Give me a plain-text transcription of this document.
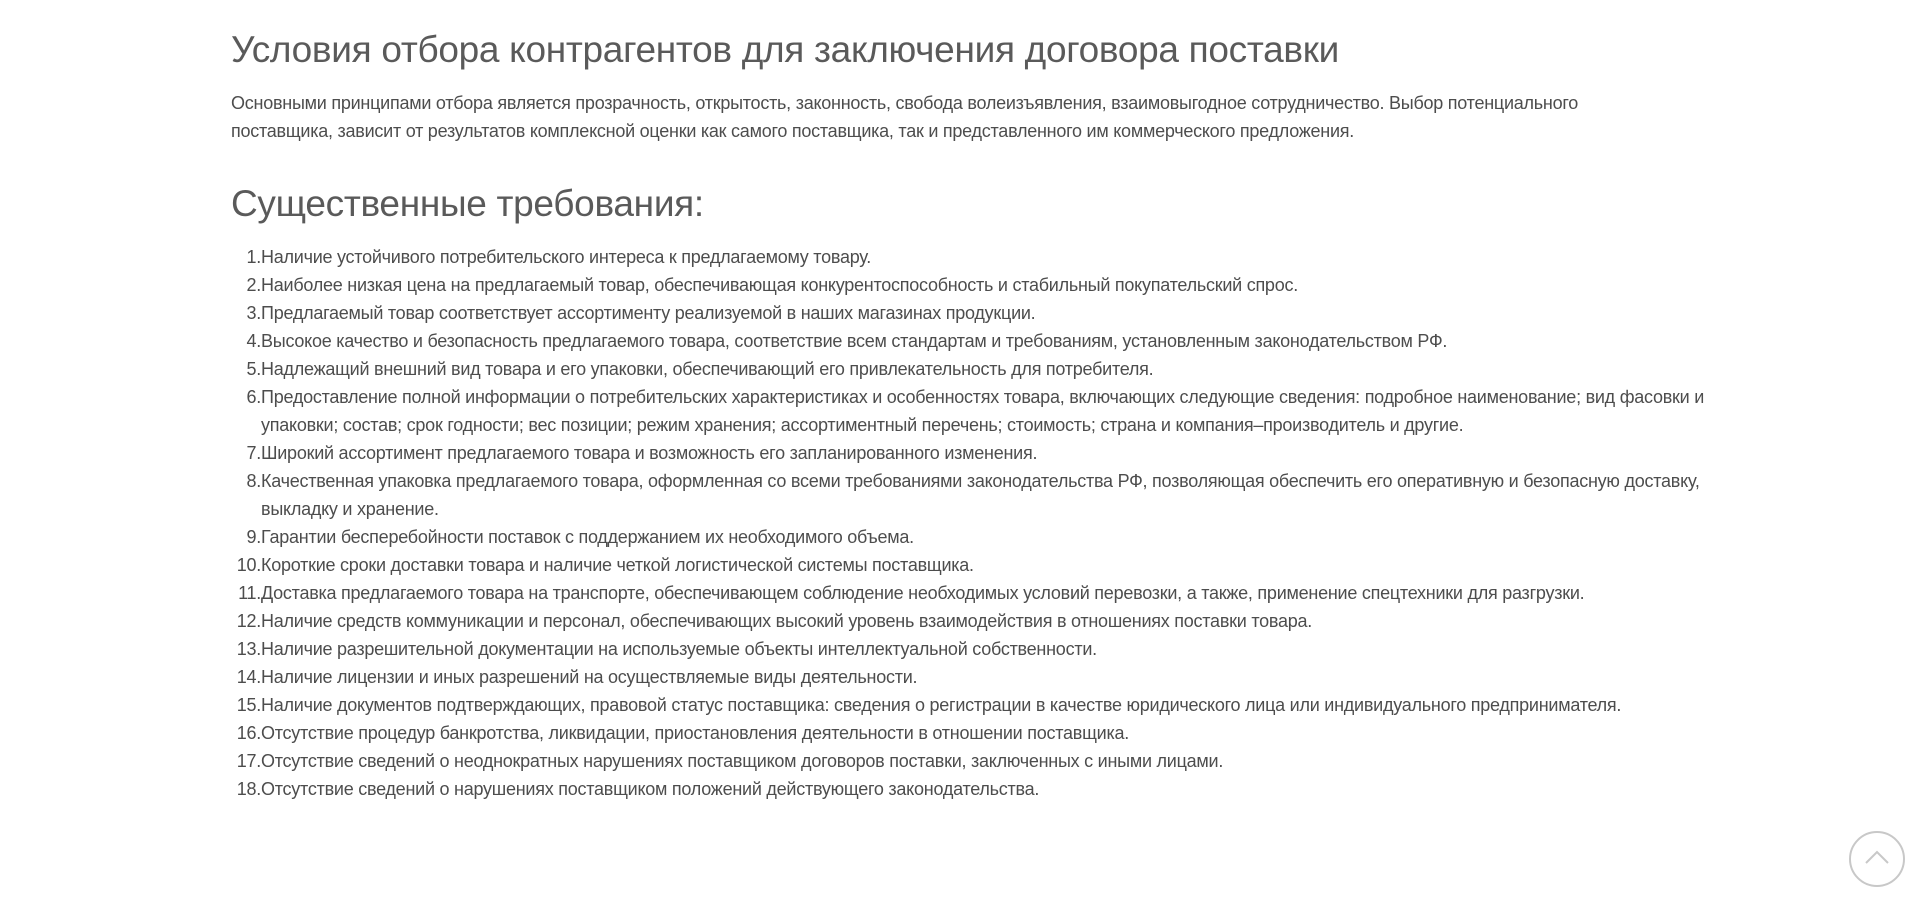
Условия отбора контрагентов для заключения договора поставки

Основными принципами отбора является прозрачность, открытость, законность, свобода волеизъявления, взаимовыгодное сотрудничество. Выбор потенциального поставщика, зависит от результатов комплексной оценки как самого поставщика, так и представленного им коммерческого предложения.

Существенные требования:
1. Наличие устойчивого потребительского интереса к предлагаемому товару.
2. Наиболее низкая цена на предлагаемый товар, обеспечивающая конкурентоспособность и стабильный покупательский спрос.
3. Предлагаемый товар соответствует ассортименту реализуемой в наших магазинах продукции.
4. Высокое качество и безопасность предлагаемого товара, соответствие всем стандартам и требованиям, установленным законодательством РФ.
5. Надлежащий внешний вид товара и его упаковки, обеспечивающий его привлекательность для потребителя.
6. Предоставление полной информации о потребительских характеристиках и особенностях товара, включающих следующие сведения: подробное наименование; вид фасовки и упаковки; состав; срок годности; вес позиции; режим хранения; ассортиментный перечень; стоимость; страна и компания–производитель и другие.
7. Широкий ассортимент предлагаемого товара и возможность его запланированного изменения.
8. Качественная упаковка предлагаемого товара, оформленная со всеми требованиями законодательства РФ, позволяющая обеспечить его оперативную и безопасную доставку, выкладку и хранение.
9. Гарантии бесперебойности поставок с поддержанием их необходимого объема.
10. Короткие сроки доставки товара и наличие четкой логистической системы поставщика.
11. Доставка предлагаемого товара на транспорте, обеспечивающем соблюдение необходимых условий перевозки, а также, применение спецтехники для разгрузки.
12. Наличие средств коммуникации и персонал, обеспечивающих высокий уровень взаимодействия в отношениях поставки товара.
13. Наличие разрешительной документации на используемые объекты интеллектуальной собственности.
14. Наличие лицензии и иных разрешений на осуществляемые виды деятельности.
15. Наличие документов подтверждающих, правовой статус поставщика: сведения о регистрации в качестве юридического лица или индивидуального предпринимателя.
16. Отсутствие процедур банкротства, ликвидации, приостановления деятельности в отношении поставщика.
17. Отсутствие сведений о неоднократных нарушениях поставщиком договоров поставки, заключенных с иными лицами.
18. Отсутствие сведений о нарушениях поставщиком положений действующего законодательства.
